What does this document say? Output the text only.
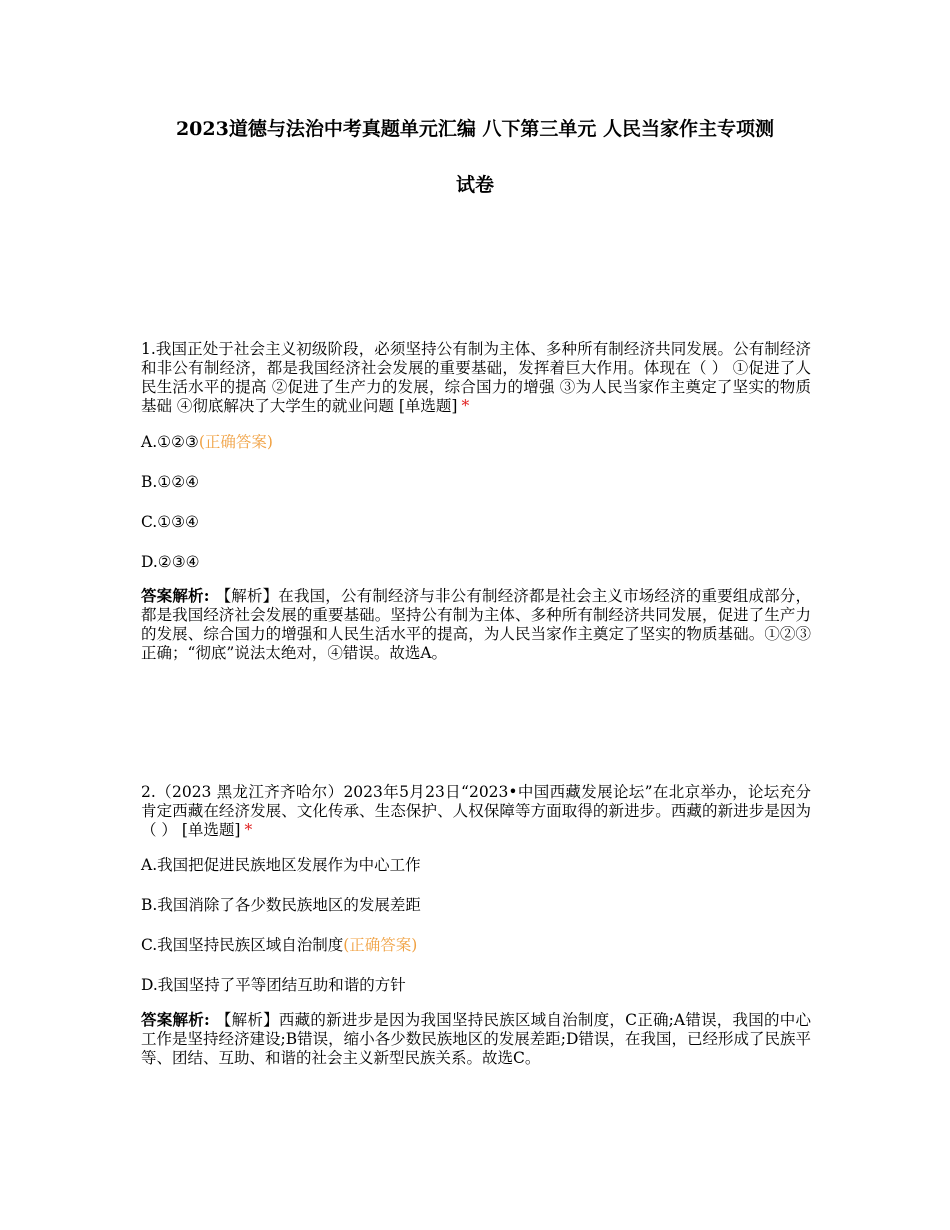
2023道德与法治中考真题单元汇编 八下第三单元 人民当家作主专项测
试卷

1.我国正处于社会主义初级阶段，必须坚持公有制为主体、多种所有制经济共同发展。公有制经济和非公有制经济，都是我国经济社会发展的重要基础，发挥着巨大作用。体现在（ ） ①促进了人民生活水平的提高 ②促进了生产力的发展，综合国力的增强 ③为人民当家作主奠定了坚实的物质基础 ④彻底解决了大学生的就业问题 [单选题] *

A.①②③(正确答案)

B.①②④

C.①③④

D.②③④

答案解析: 【解析】在我国，公有制经济与非公有制经济都是社会主义市场经济的重要组成部分，都是我国经济社会发展的重要基础。坚持公有制为主体、多种所有制经济共同发展，促进了生产力的发展、综合国力的增强和人民生活水平的提高，为人民当家作主奠定了坚实的物质基础。①②③正确；“彻底”说法太绝对，④错误。故选A。

2.（2023 黑龙江齐齐哈尔）2023年5月23日“2023•中国西藏发展论坛”在北京举办，论坛充分肯定西藏在经济发展、文化传承、生态保护、人权保障等方面取得的新进步。西藏的新进步是因为（ ） [单选题] *

A.我国把促进民族地区发展作为中心工作

B.我国消除了各少数民族地区的发展差距

C.我国坚持民族区域自治制度(正确答案)

D.我国坚持了平等团结互助和谐的方针

答案解析: 【解析】西藏的新进步是因为我国坚持民族区域自治制度，C正确;A错误，我国的中心工作是坚持经济建设;B错误，缩小各少数民族地区的发展差距;D错误，在我国，已经形成了民族平等、团结、互助、和谐的社会主义新型民族关系。故选C。
